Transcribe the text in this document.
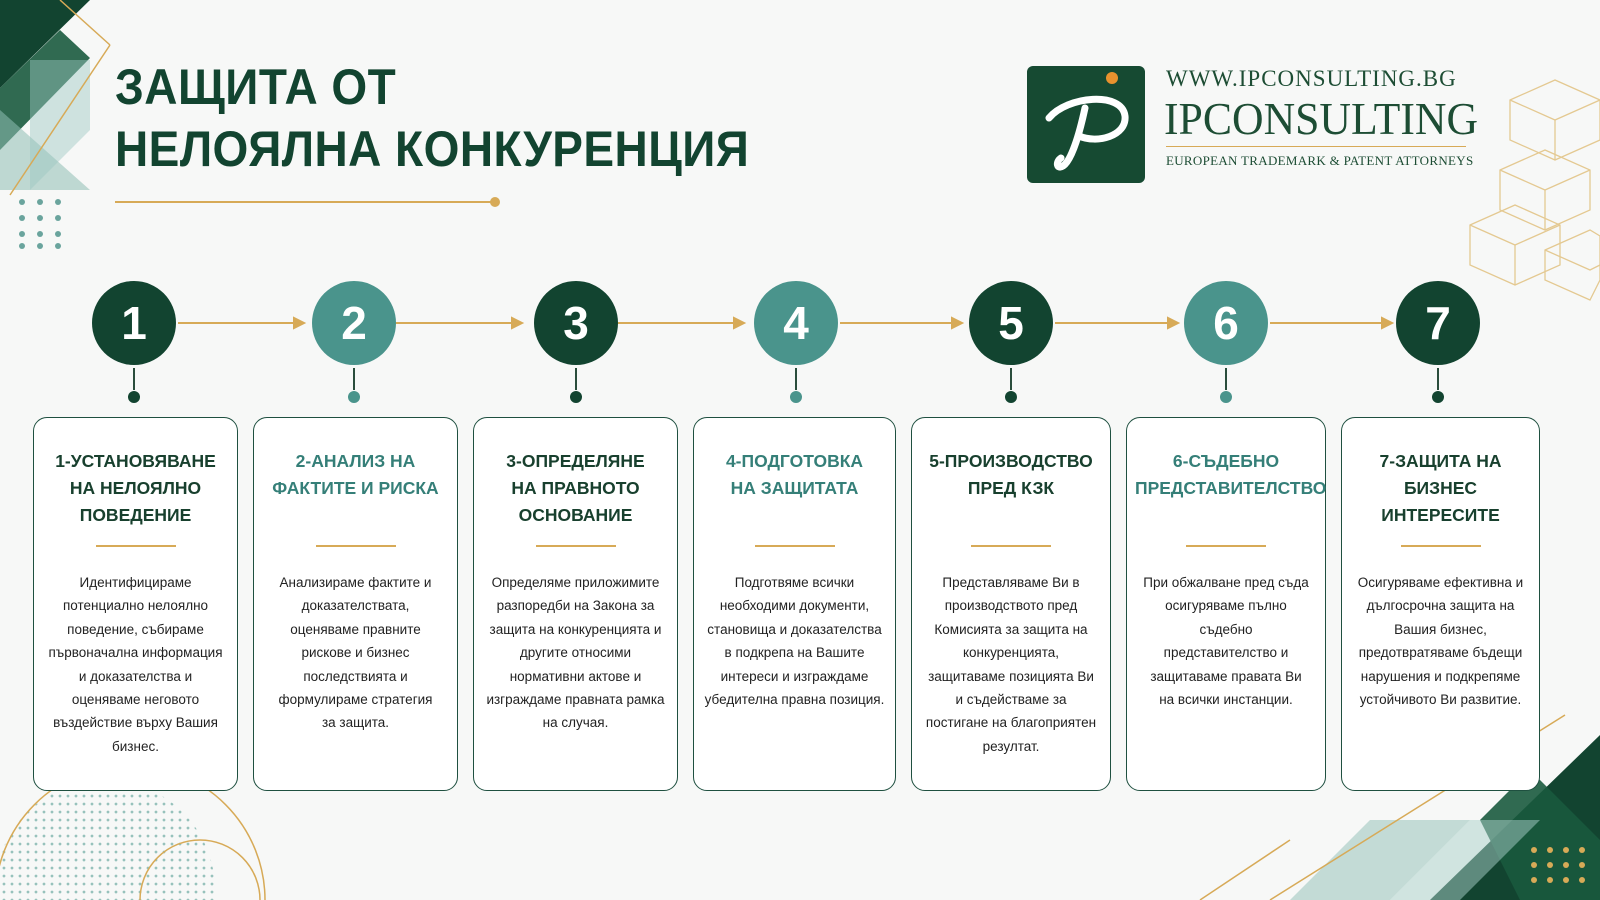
ЗАЩИТА ОТ
НЕЛОЯЛНА КОНКУРЕНЦИЯ
WWW.IPCONSULTING.BG
IPCONSULTING
EUROPEAN TRADEMARK & PATENT ATTORNEYS
1	2	3	4	5	6	7
1-УСТАНОВЯВАНЕ НА НЕЛОЯЛНО ПОВЕДЕНИЕ
Идентифицираме потенциално нелоялно поведение, събираме първоначална информация и доказателства и оценяваме неговото въздействие върху Вашия бизнес.
2-АНАЛИЗ НА ФАКТИТЕ И РИСКА
Анализираме фактите и доказателствата, оценяваме правните рискове и бизнес последствията и формулираме стратегия за защита.
3-ОПРЕДЕЛЯНЕ НА ПРАВНОТО ОСНОВАНИЕ
Определяме приложимите разпоредби на Закона за защита на конкуренцията и другите относими нормативни актове и изграждаме правната рамка на случая.
4-ПОДГОТОВКА НА ЗАЩИТАТА
Подготвяме всички необходими документи, становища и доказателства в подкрепа на Вашите интереси и изграждаме убедителна правна позиция.
5-ПРОИЗВОДСТВО ПРЕД КЗК
Представляваме Ви в производството пред Комисията за защита на конкуренцията, защитаваме позицията Ви и съдействаме за постигане на благоприятен резултат.
6-СЪДЕБНО ПРЕДСТАВИТЕЛСТВО
При обжалване пред съда осигуряваме пълно съдебно представителство и защитаваме правата Ви на всички инстанции.
7-ЗАЩИТА НА БИЗНЕС ИНТЕРЕСИТЕ
Осигуряваме ефективна и дългосрочна защита на Вашия бизнес, предотвратяваме бъдещи нарушения и подкрепяме устойчивото Ви развитие.
